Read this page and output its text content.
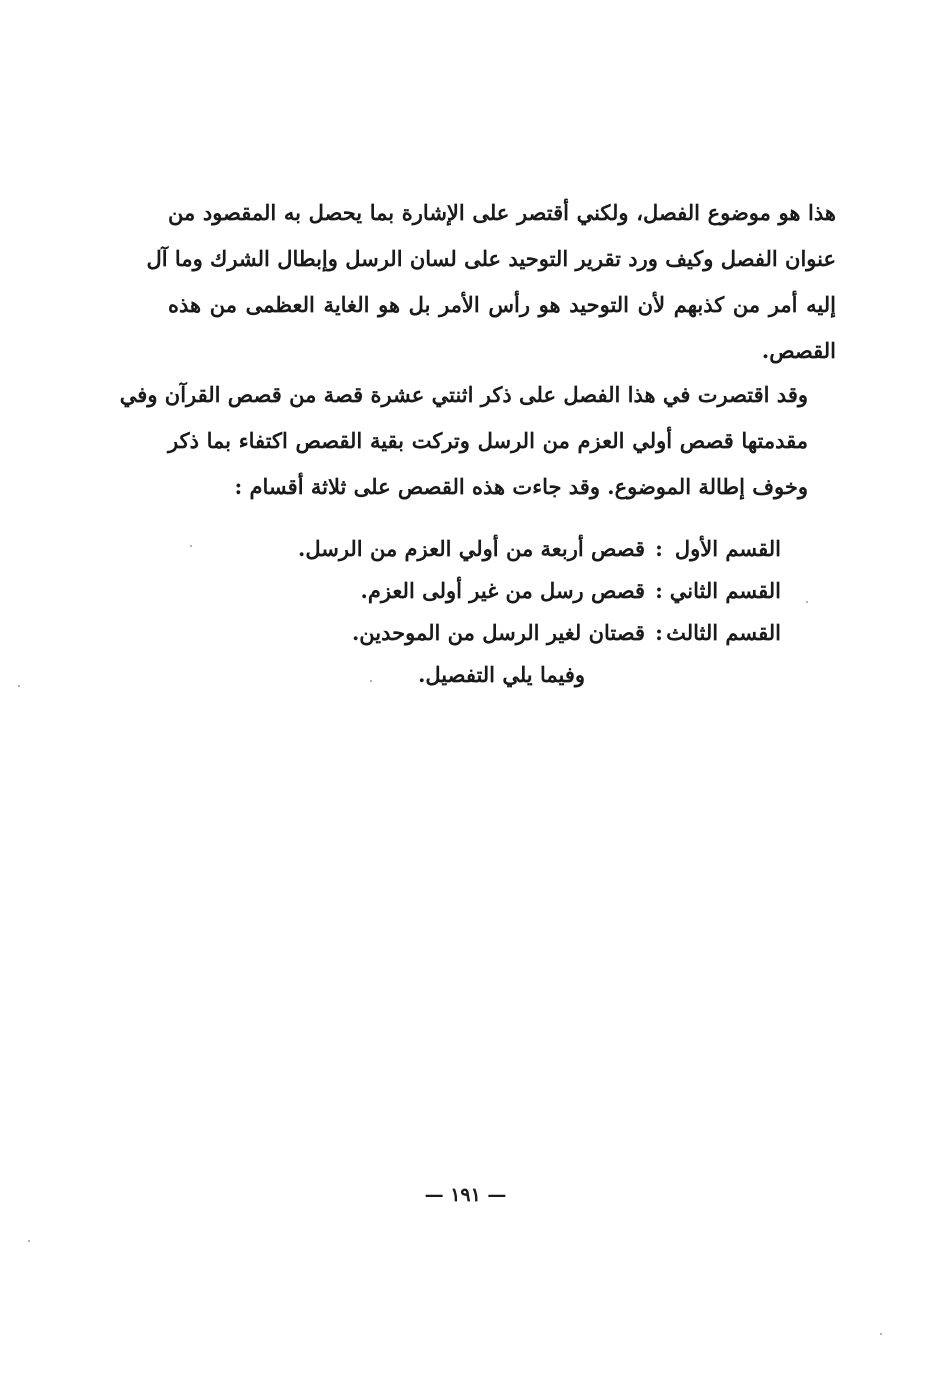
هذا هو موضوع الفصل، ولكني أقتصر على الإشارة بما يحصل به المقصود من
عنوان الفصل وكيف ورد تقرير التوحيد على لسان الرسل وإبطال الشرك وما آل
إليه أمر من كذبهم لأن التوحيد هو رأس الأمر بل هو الغاية العظمى من هذه
القصص.
وقد اقتصرت في هذا الفصل على ذكر اثنتي عشرة قصة من قصص القرآن وفي
مقدمتها قصص أولي العزم من الرسل وتركت بقية القصص اكتفاء بما ذكر
وخوف إطالة الموضوع. وقد جاءت هذه القصص على ثلاثة أقسام :
القسم الأول:قصص أربعة من أولي العزم من الرسل.
القسم الثاني:قصص رسل من غير أولى العزم.
القسم الثالث:قصتان لغير الرسل من الموحدين.
وفيما يلي التفصيل.
— ١٩١ —
